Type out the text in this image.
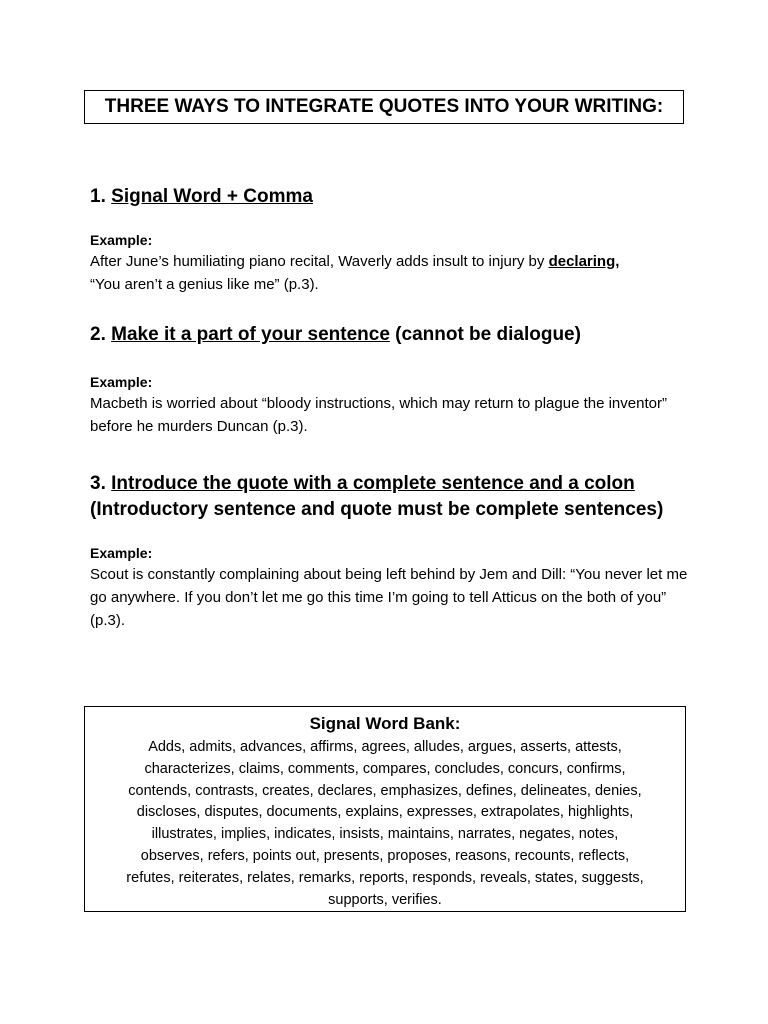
THREE WAYS TO INTEGRATE QUOTES INTO YOUR WRITING:
1. Signal Word + Comma
Example:
After June’s humiliating piano recital, Waverly adds insult to injury by declaring,
“You aren’t a genius like me” (p.3).
2. Make it a part of your sentence (cannot be dialogue)
Example:
Macbeth is worried about “bloody instructions, which may return to plague the inventor” before he murders Duncan (p.3).
3. Introduce the quote with a complete sentence and a colon
(Introductory sentence and quote must be complete sentences)
Example:
Scout is constantly complaining about being left behind by Jem and Dill: “You never let me go anywhere. If you don’t let me go this time I’m going to tell Atticus on the both of you” (p.3).
Signal Word Bank:
Adds, admits, advances, affirms, agrees, alludes, argues, asserts, attests,
characterizes, claims, comments, compares, concludes, concurs, confirms,
contends, contrasts, creates, declares, emphasizes, defines, delineates, denies,
discloses, disputes, documents, explains, expresses, extrapolates, highlights,
illustrates, implies, indicates, insists, maintains, narrates, negates, notes,
observes, refers, points out, presents, proposes, reasons, recounts, reflects,
refutes, reiterates, relates, remarks, reports, responds, reveals, states, suggests,
supports, verifies.
